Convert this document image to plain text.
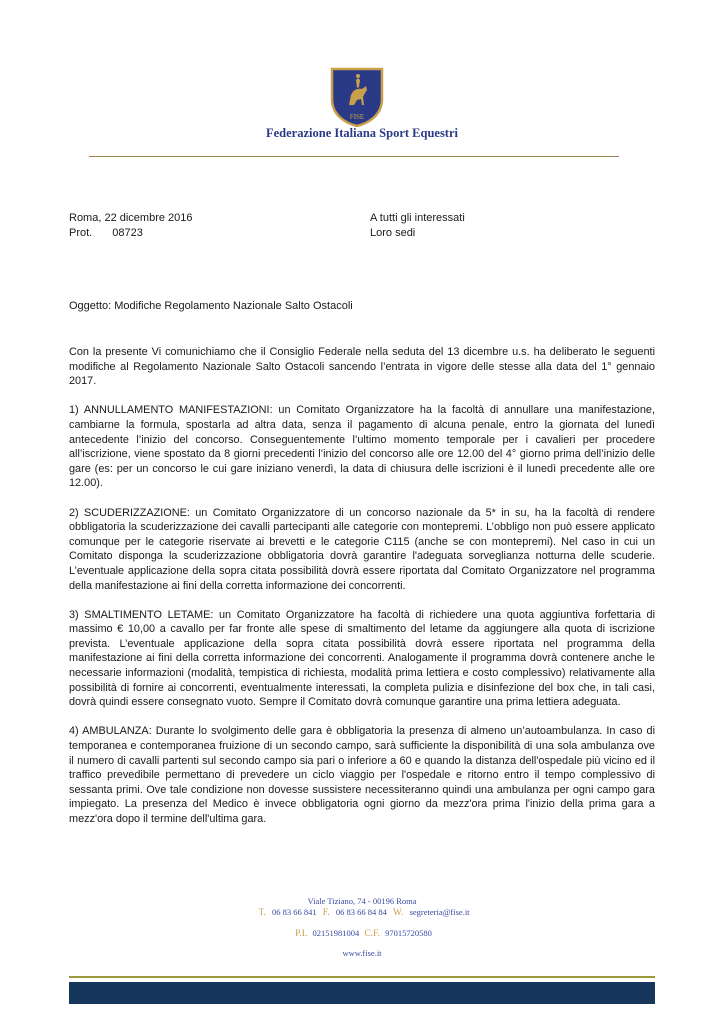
FISE
Federazione Italiana Sport Equestri
Roma, 22 dicembre 2016
Prot. 08723
A tutti gli interessati
Loro sedi
Oggetto: Modifiche Regolamento Nazionale Salto Ostacoli

Con la presente Vi comunichiamo che il Consiglio Federale nella seduta del 13 dicembre u.s. ha deliberato le seguenti modifiche al Regolamento Nazionale Salto Ostacoli sancendo l’entrata in vigore delle stesse alla data del 1° gennaio 2017.

1) ANNULLAMENTO MANIFESTAZIONI: un Comitato Organizzatore ha la facoltà di annullare una manifestazione, cambiarne la formula, spostarla ad altra data, senza il pagamento di alcuna penale, entro la giornata del lunedì antecedente l’inizio del concorso. Conseguentemente l’ultimo momento temporale per i cavalieri per procedere all’iscrizione, viene spostato da 8 giorni precedenti l’inizio del concorso alle ore 12.00 del 4° giorno prima dell’inizio delle gare (es: per un concorso le cui gare iniziano venerdì, la data di chiusura delle iscrizioni è il lunedì precedente alle ore 12.00).

2) SCUDERIZZAZIONE: un Comitato Organizzatore di un concorso nazionale da 5* in su, ha la facoltà di rendere obbligatoria la scuderizzazione dei cavalli partecipanti alle categorie con montepremi. L’obbligo non può essere applicato comunque per le categorie riservate ai brevetti e le categorie C115 (anche se con montepremi). Nel caso in cui un Comitato disponga la scuderizzazione obbligatoria dovrà garantire l'adeguata sorveglianza notturna delle scuderie. L’eventuale applicazione della sopra citata possibilità dovrà essere riportata dal Comitato Organizzatore nel programma della manifestazione ai fini della corretta informazione dei concorrenti.

3) SMALTIMENTO LETAME: un Comitato Organizzatore ha facoltà di richiedere una quota aggiuntiva forfettaria di massimo € 10,00 a cavallo per far fronte alle spese di smaltimento del letame da aggiungere alla quota di iscrizione prevista. L’eventuale applicazione della sopra citata possibilità dovrà essere riportata nel programma della manifestazione ai fini della corretta informazione dei concorrenti. Analogamente il programma dovrà contenere anche le necessarie informazioni (modalità, tempistica di richiesta, modalità prima lettiera e costo complessivo) relativamente alla possibilità di fornire ai concorrenti, eventualmente interessati, la completa pulizia e disinfezione del box che, in tali casi, dovrà quindi essere consegnato vuoto. Sempre il Comitato dovrà comunque garantire una prima lettiera adeguata.

4) AMBULANZA: Durante lo svolgimento delle gara è obbligatoria la presenza di almeno un’autoambulanza. In caso di temporanea e contemporanea fruizione di un secondo campo, sarà sufficiente la disponibilità di una sola ambulanza ove il numero di cavalli partenti sul secondo campo sia pari o inferiore a 60 e quando la distanza dell'ospedale più vicino ed il traffico prevedibile permettano di prevedere un ciclo viaggio per l'ospedale e ritorno entro il tempo complessivo di sessanta primi. Ove tale condizione non dovesse sussistere necessiteranno quindi una ambulanza per ogni campo gara impiegato. La presenza del Medico è invece obbligatoria ogni giorno da mezz'ora prima l'inizio della prima gara a mezz'ora dopo il termine dell'ultima gara.

Viale Tiziano, 74 - 00196 Roma
T. 06 83 66 841 F. 06 83 66 84 84 W. segreteria@fise.it
P.I. 02151981004 C.F. 97015720580
www.fise.it
